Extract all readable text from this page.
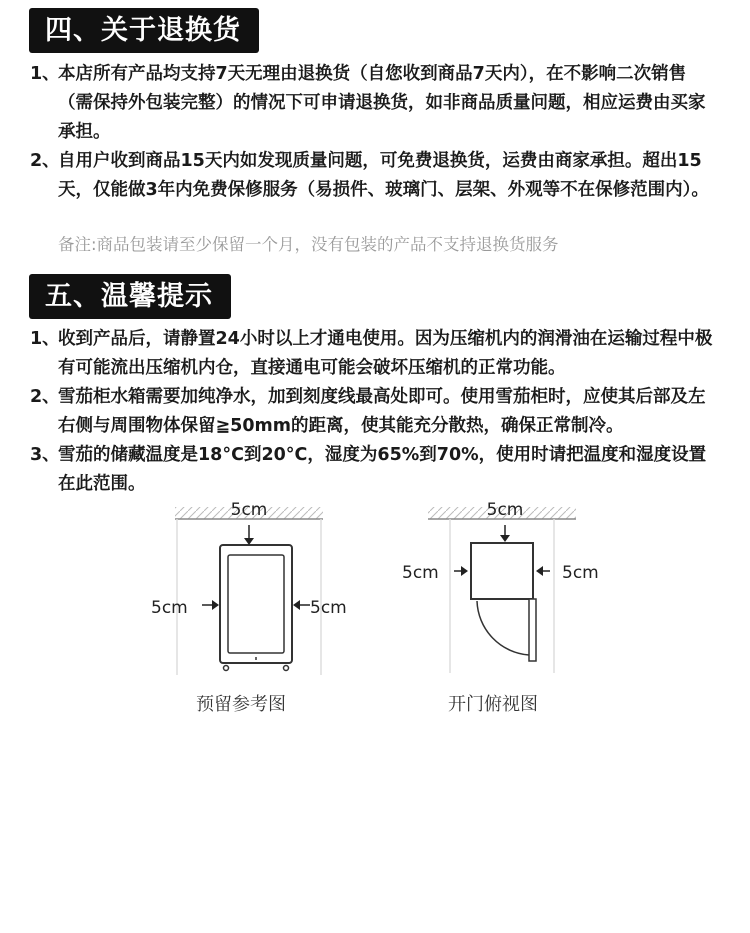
四、关于退换货
1、
本店所有产品均支持7天无理由退换货（自您收到商品7天内），在不影响二次销售 （需保持外包装完整）的情况下可申请退换货，如非商品质量问题，相应运费由买家承担。
2、
自用户收到商品15天内如发现质量问题，可免费退换货，运费由商家承担。超出15天，仅能做3年内免费保修服务（易损件、玻璃门、层架、外观等不在保修范围内）。
备注:商品包装请至少保留一个月，没有包装的产品不支持退换货服务
五、温馨提示
1、
收到产品后，请静置24小时以上才通电使用。因为压缩机内的润滑油在运输过程中极有可能流出压缩机内仓，直接通电可能会破坏压缩机的正常功能。
2、
雪茄柜水箱需要加纯净水，加到刻度线最高处即可。使用雪茄柜时，应使其后部及左右侧与周围物体保留≧50mm的距离，使其能充分散热，确保正常制冷。
3、
雪茄的储藏温度是18°C到20°C，湿度为65%到70%，使用时请把温度和湿度设置在此范围。
5cm
5cm	5cm
5cm
5cm	5cm
预留参考图	开门俯视图
